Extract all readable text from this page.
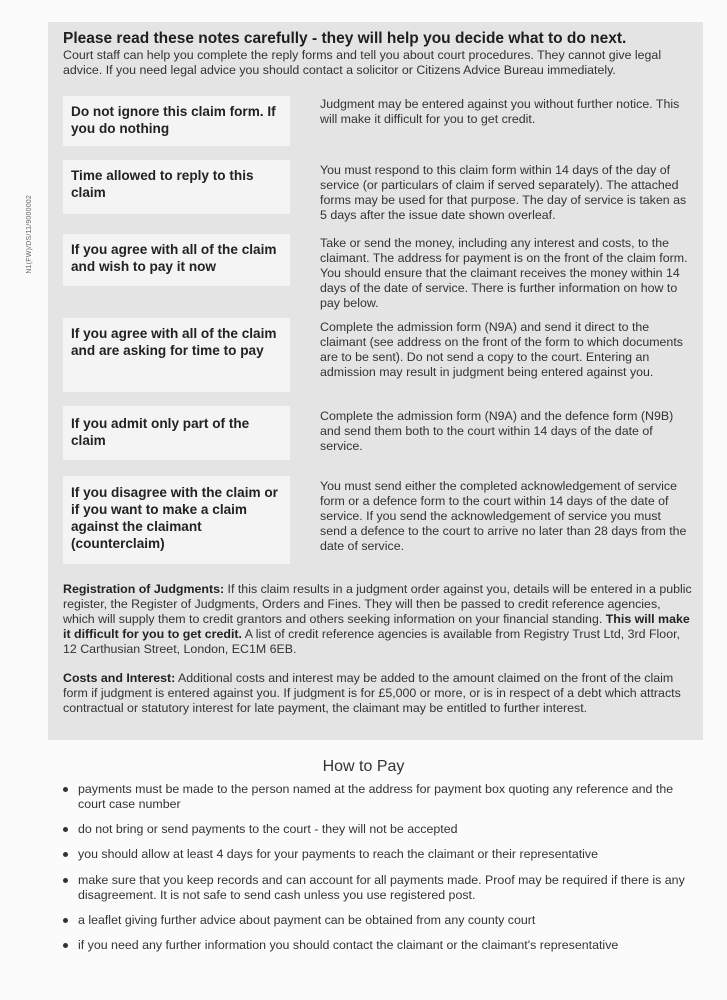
N1(FW)/DS/11/9000002
Please read these notes carefully - they will help you decide what to do next.
Court staff can help you complete the reply forms and tell you about court procedures. They cannot give legal advice. If you need legal advice you should contact a solicitor or Citizens Advice Bureau immediately.
Do not ignore this claim form. If you do nothing
Judgment may be entered against you without further notice. This will make it difficult for you to get credit.
Time allowed to reply to this claim
You must respond to this claim form within 14 days of the day of service (or particulars of claim if served separately). The attached forms may be used for that purpose. The day of service is taken as 5 days after the issue date shown overleaf.
If you agree with all of the claim and wish to pay it now
Take or send the money, including any interest and costs, to the claimant. The address for payment is on the front of the claim form. You should ensure that the claimant receives the money within 14 days of the date of service. There is further information on how to pay below.
If you agree with all of the claim and are asking for time to pay
Complete the admission form (N9A) and send it direct to the claimant (see address on the front of the form to which documents are to be sent). Do not send a copy to the court. Entering an admission may result in judgment being entered against you.
If you admit only part of the claim
Complete the admission form (N9A) and the defence form (N9B) and send them both to the court within 14 days of the date of service.
If you disagree with the claim or if you want to make a claim against the claimant (counterclaim)
You must send either the completed acknowledgement of service form or a defence form to the court within 14 days of the date of service. If you send the acknowledgement of service you must send a defence to the court to arrive no later than 28 days from the date of service.
Registration of Judgments: If this claim results in a judgment order against you, details will be entered in a public register, the Register of Judgments, Orders and Fines. They will then be passed to credit reference agencies, which will supply them to credit grantors and others seeking information on your financial standing. This will make it difficult for you to get credit. A list of credit reference agencies is available from Registry Trust Ltd, 3rd Floor, 12 Carthusian Street, London, EC1M 6EB.
Costs and Interest: Additional costs and interest may be added to the amount claimed on the front of the claim form if judgment is entered against you. If judgment is for £5,000 or more, or is in respect of a debt which attracts contractual or statutory interest for late payment, the claimant may be entitled to further interest.
How to Pay
payments must be made to the person named at the address for payment box quoting any reference and the court case number
do not bring or send payments to the court - they will not be accepted
you should allow at least 4 days for your payments to reach the claimant or their representative
make sure that you keep records and can account for all payments made. Proof may be required if there is any disagreement. It is not safe to send cash unless you use registered post.
a leaflet giving further advice about payment can be obtained from any county court
if you need any further information you should contact the claimant or the claimant's representative
